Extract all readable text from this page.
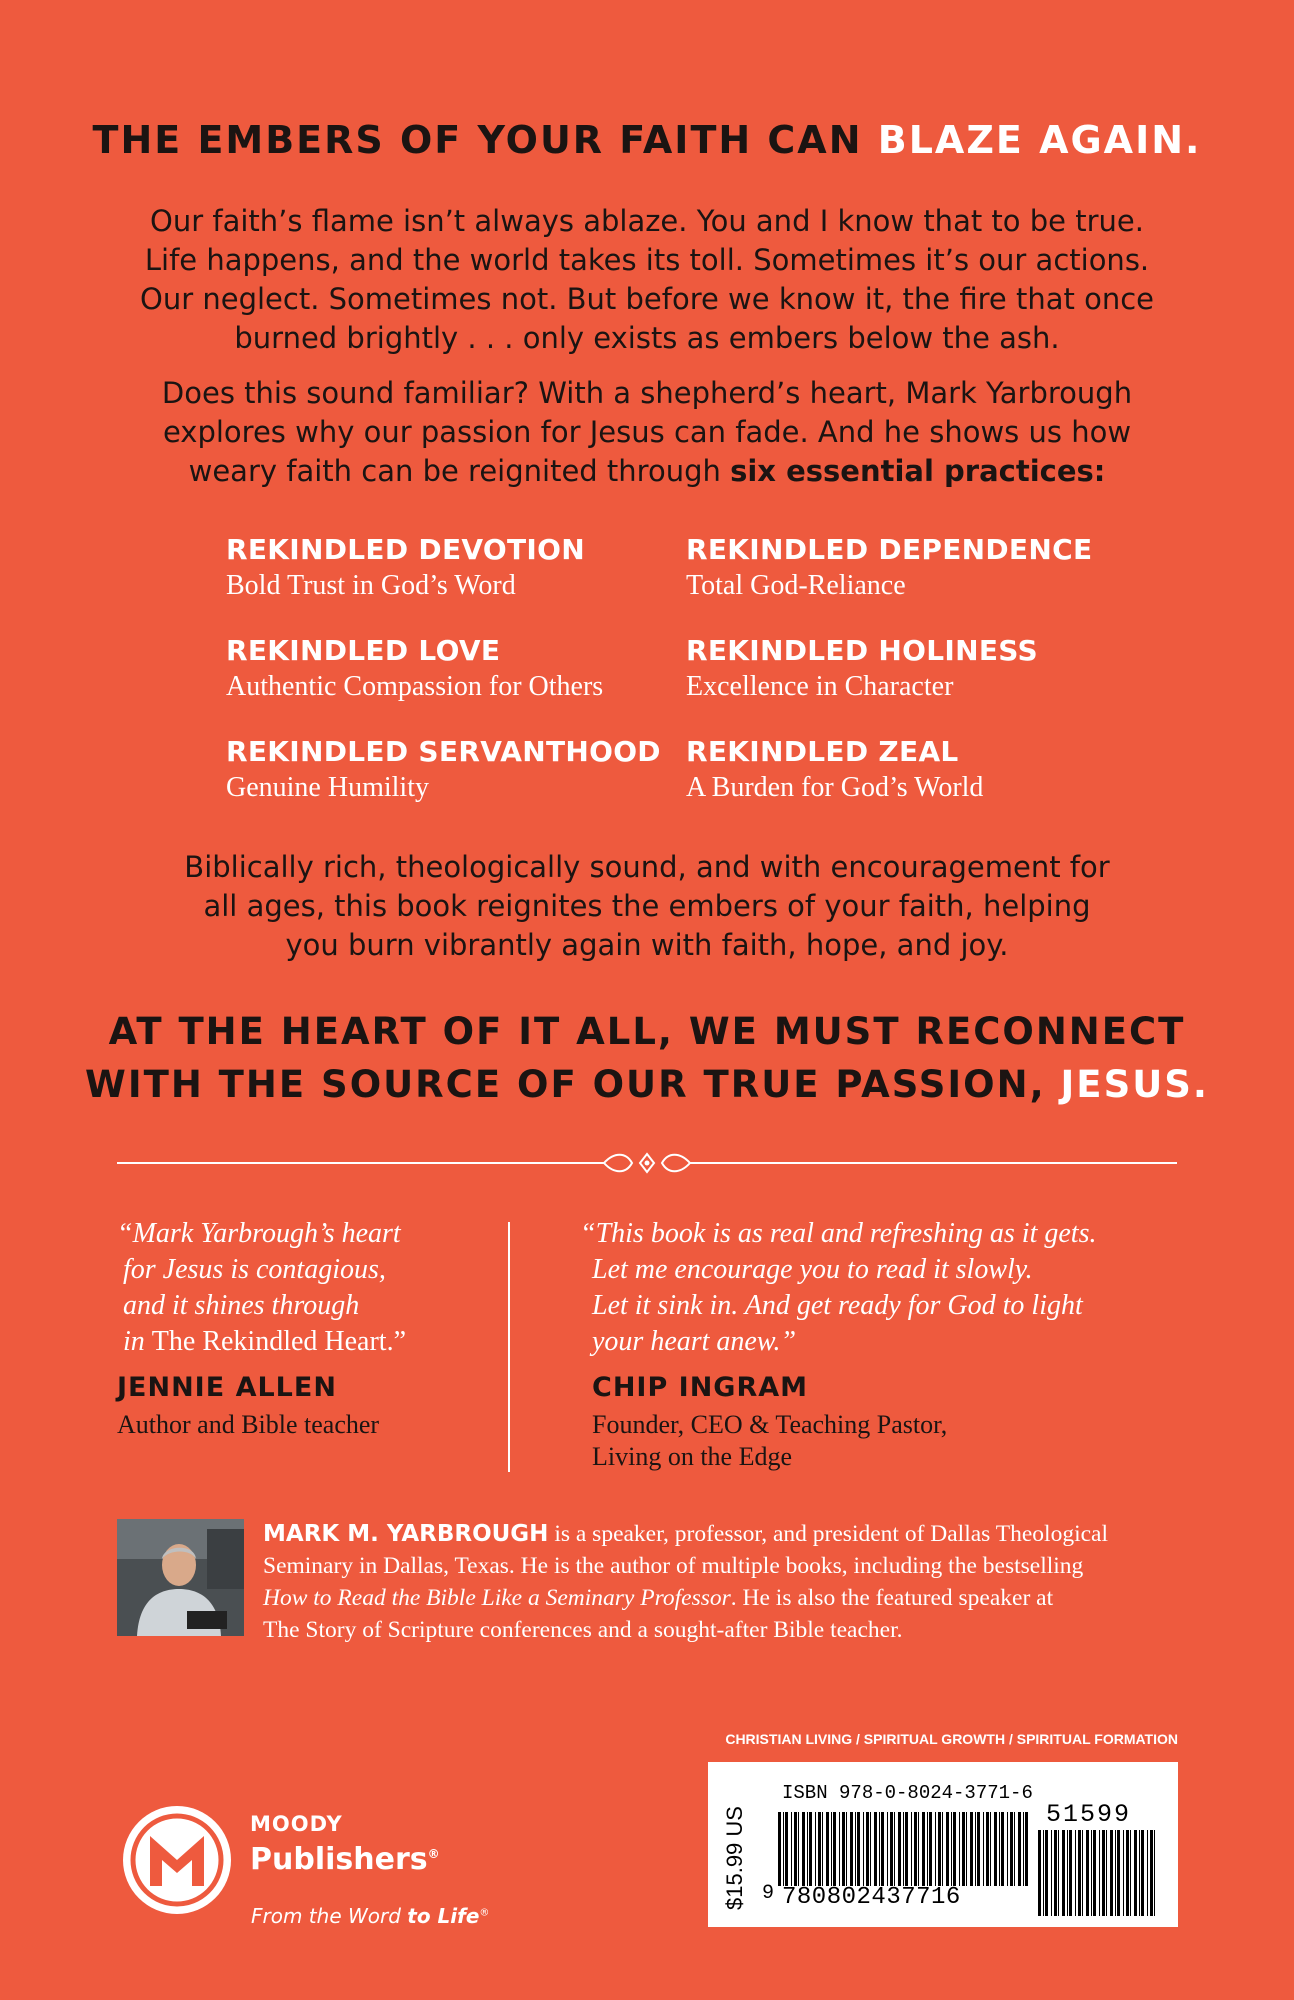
THE EMBERS OF YOUR FAITH CAN BLAZE AGAIN.
Our faith’s flame isn’t always ablaze. You and I know that to be true.
Life happens, and the world takes its toll. Sometimes it’s our actions.
Our neglect. Sometimes not. But before we know it, the fire that once
burned brightly . . . only exists as embers below the ash.
Does this sound familiar? With a shepherd’s heart, Mark Yarbrough
explores why our passion for Jesus can fade. And he shows us how
weary faith can be reignited through six essential practices:
REKINDLED DEVOTION
Bold Trust in God’s Word
REKINDLED DEPENDENCE
Total God-Reliance
REKINDLED LOVE
Authentic Compassion for Others
REKINDLED HOLINESS
Excellence in Character
REKINDLED SERVANTHOOD
Genuine Humility
REKINDLED ZEAL
A Burden for God’s World
Biblically rich, theologically sound, and with encouragement for
all ages, this book reignites the embers of your faith, helping
you burn vibrantly again with faith, hope, and joy.
AT THE HEART OF IT ALL, WE MUST RECONNECT
WITH THE SOURCE OF OUR TRUE PASSION, JESUS.
“Mark Yarbrough’s heart
for Jesus is contagious,
and it shines through
in The Rekindled Heart.”
JENNIE ALLEN
Author and Bible teacher
“This book is as real and refreshing as it gets.
Let me encourage you to read it slowly.
Let it sink in. And get ready for God to light
your heart anew.”
CHIP INGRAM
Founder, CEO & Teaching Pastor,
Living on the Edge
MARK M. YARBROUGH is a speaker, professor, and president of Dallas Theological
Seminary in Dallas, Texas. He is the author of multiple books, including the bestselling
How to Read the Bible Like a Seminary Professor. He is also the featured speaker at
The Story of Scripture conferences and a sought-after Bible teacher.
CHRISTIAN LIVING / SPIRITUAL GROWTH / SPIRITUAL FORMATION
MOODY
Publishers®
From the Word to Life®
ISBN 978-0-8024-3771-6
$15.99 US 9 780802437716
51599
